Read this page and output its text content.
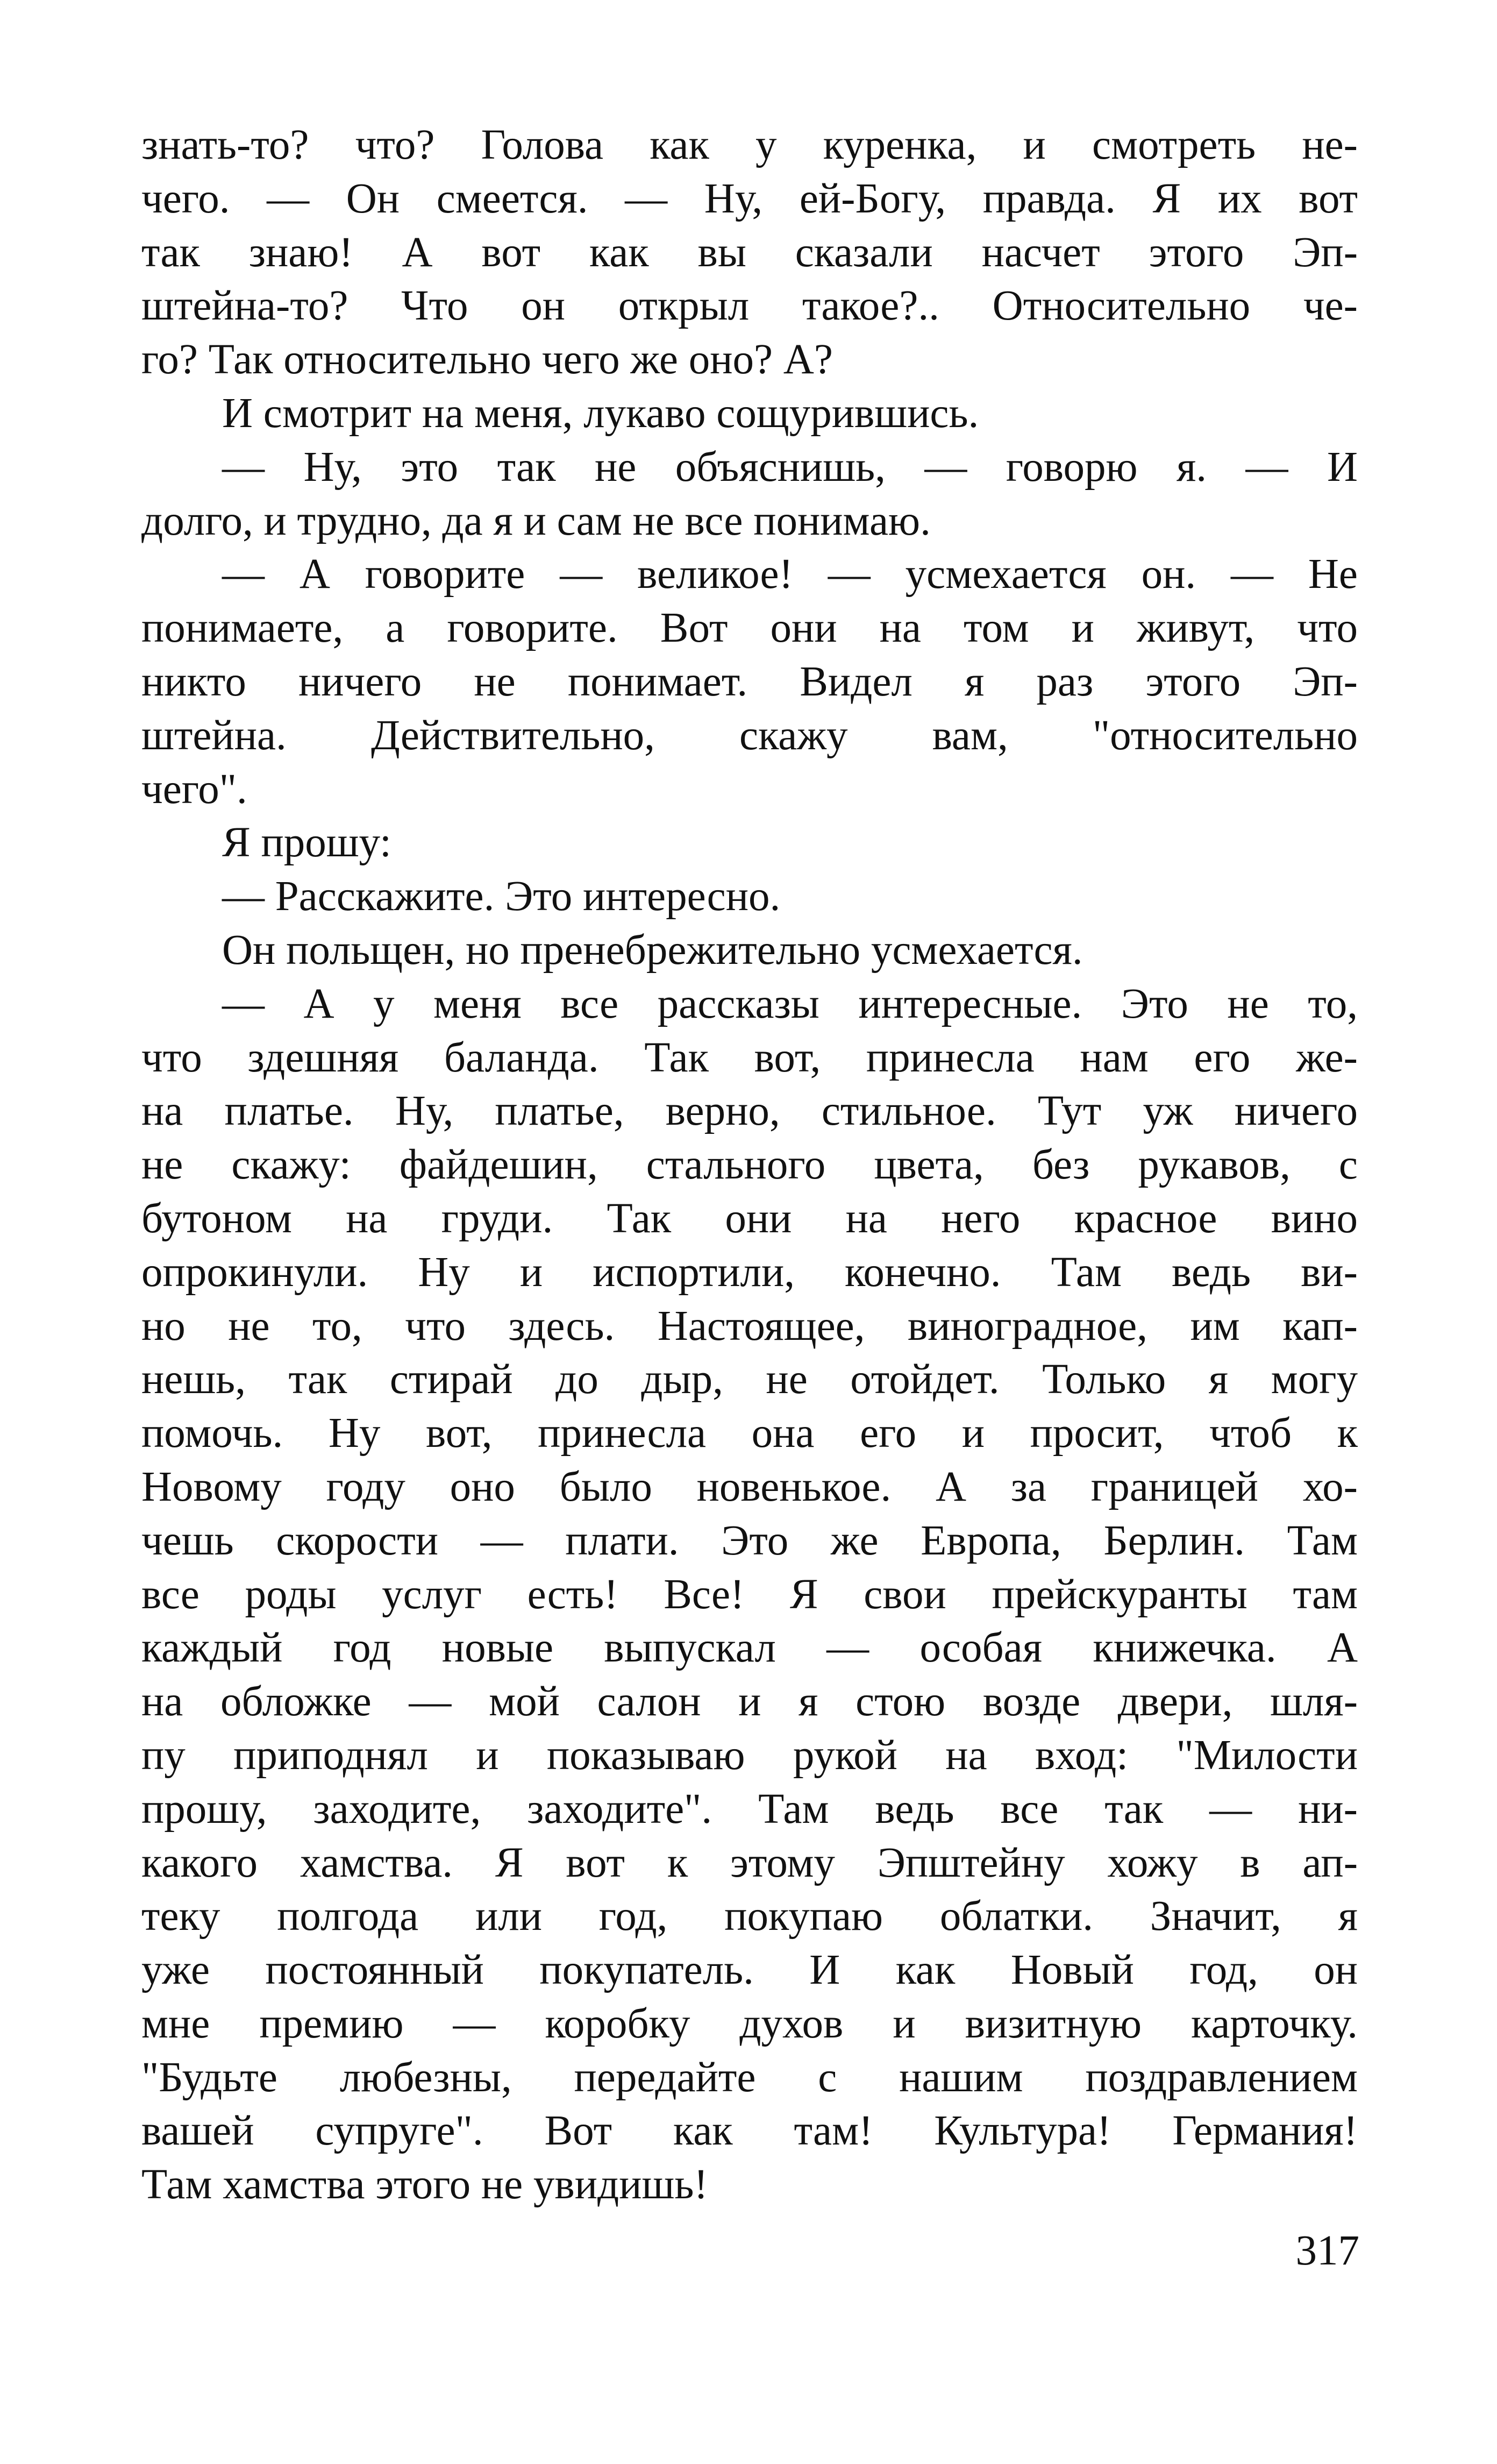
знать-то? что? Голова как у куренка, и смотреть не-
чего. — Он смеется. — Ну, ей-Богу, правда. Я их вот
так знаю! А вот как вы сказали насчет этого Эп-
штейна-то? Что он открыл такое?.. Относительно че-
го? Так относительно чего же оно? А?
И смотрит на меня, лукаво сощурившись.
— Ну, это так не объяснишь, — говорю я. — И
долго, и трудно, да я и сам не все понимаю.
— А говорите — великое! — усмехается он. — Не
понимаете, а говорите. Вот они на том и живут, что
никто ничего не понимает. Видел я раз этого Эп-
штейна. Действительно, скажу вам, "относительно
чего".
Я прошу:
— Расскажите. Это интересно.
Он польщен, но пренебрежительно усмехается.
— А у меня все рассказы интересные. Это не то,
что здешняя баланда. Так вот, принесла нам его же-
на платье. Ну, платье, верно, стильное. Тут уж ничего
не скажу: файдешин, стального цвета, без рукавов, с
бутоном на груди. Так они на него красное вино
опрокинули. Ну и испортили, конечно. Там ведь ви-
но не то, что здесь. Настоящее, виноградное, им кап-
нешь, так стирай до дыр, не отойдет. Только я могу
помочь. Ну вот, принесла она его и просит, чтоб к
Новому году оно было новенькое. А за границей хо-
чешь скорости — плати. Это же Европа, Берлин. Там
все роды услуг есть! Все! Я свои прейскуранты там
каждый год новые выпускал — особая книжечка. А
на обложке — мой салон и я стою возде двери, шля-
пу приподнял и показываю рукой на вход: "Милости
прошу, заходите, заходите". Там ведь все так — ни-
какого хамства. Я вот к этому Эпштейну хожу в ап-
теку полгода или год, покупаю облатки. Значит, я
уже постоянный покупатель. И как Новый год, он
мне премию — коробку духов и визитную карточку.
"Будьте любезны, передайте с нашим поздравлением
вашей супруге". Вот как там! Культура! Германия!
Там хамства этого не увидишь!
317
